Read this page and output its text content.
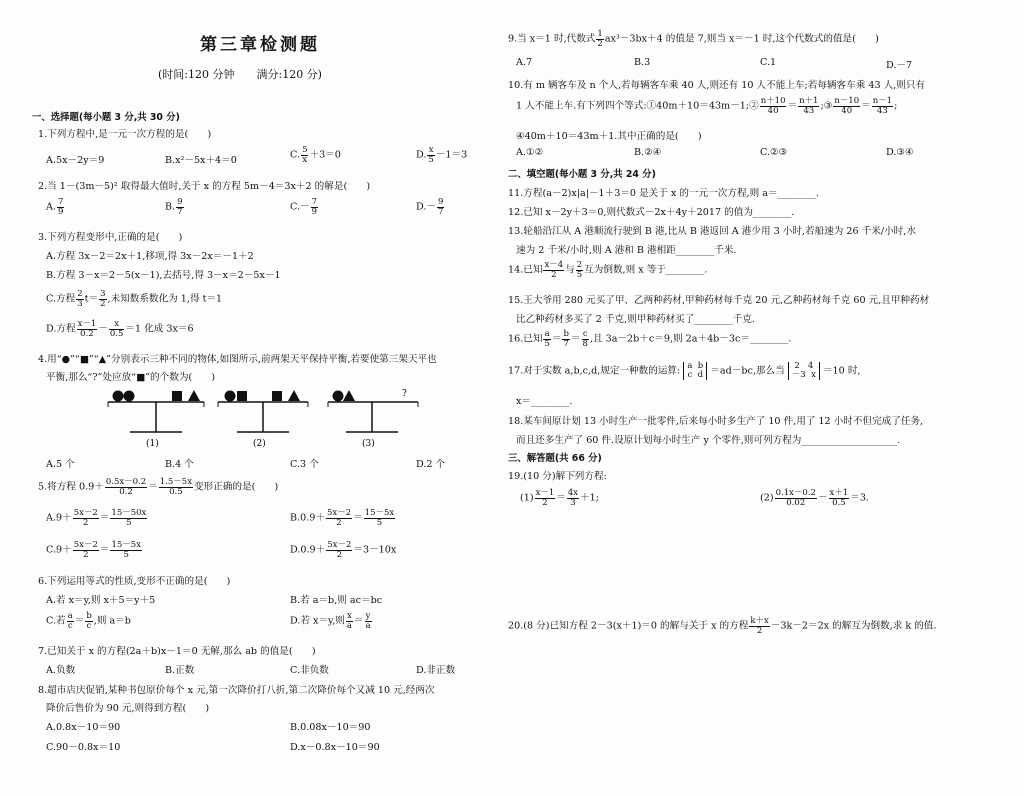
第三章检测题
(时间:120 分钟　　满分:120 分)
一、选择题(每小题 3 分,共 30 分)
1.下列方程中,是一元一次方程的是(　　)
A.5x－2y＝9	B.x²－5x＋4＝0	C. $\frac{5}{x} +3=0$	D. $\frac{x}{5} -1=3$
2.当 1－(3m－5)² 取得最大值时,关于 x 的方程 5m－4＝3x＋2 的解是(　　)
A. $\frac{7}{9}$	B. $\frac{9}{7}$	$C.- \frac{7}{9}$	$D.- \frac{9}{7}$
3.下列方程变形中,正确的是(　　)
A.方程 3x－2＝2x＋1,移项,得 3x－2x＝－1＋2
B.方程 3－x＝2－5(x－1),去括号,得 3－x＝2－5x－1
C.方程 $\frac{2}{3} t= \frac{3}{2}$ ,未知数系数化为 1,得 t＝1
D.方程 $\frac{x-1}{0.2} - \frac{x}{0.5} =1$ 化成 3x＝6
4.用“●”“■”“▲”分别表示三种不同的物体,如图所示,前两架天平保持平衡,若要使第三架天平也
平衡,那么“?”处应放“■”的个数为(　　)
?
(1)	(2)	(3)
A.5 个	B.4 个	C.3 个	D.2 个
5.将方程 $0.9+ \frac{0.5x-0.2}{0.2} = \frac{1.5-5x}{0.5}$ 变形正确的是(　　)
$A.9+ \frac{5x-2}{2} = \frac{15-50x}{5}$	$B.0.9+ \frac{5x-2}{2} = \frac{15-5x}{5}$
$C.9+ \frac{5x-2}{2} = \frac{15-5x}{5}$	$D.0.9+ \frac{5x-2}{2} =3-10x$
6.下列运用等式的性质,变形不正确的是(　　)
A.若 x＝y,则 x＋5＝y＋5	B.若 a＝b,则 ac＝bc
C.若 $\frac{a}{c} = \frac{b}{c}$ ,则 a＝b	D.若 x＝y,则 $\frac{x}{a} = \frac{y}{a}$
7.已知关于 x 的方程(2a＋b)x－1＝0 无解,那么 ab 的值是(　　)
A.负数	B.正数	C.非负数	D.非正数
8.超市店庆促销,某种书包原价每个 x 元,第一次降价打八折,第二次降价每个又减 10 元,经两次
降价后售价为 90 元,则得到方程(　　)
A.0.8x－10＝90	B.0.08x－10＝90
C.90－0.8x＝10	D.x－0.8x－10＝90
9.当 x＝1 时,代数式 $\frac{1}{2} ax^3-3bx+4$ 的值是 7,则当 x＝－1 时,这个代数式的值是(　　)
A.7	B.3	C.1	D.－7
10.有 m 辆客车及 n 个人,若每辆客车乘 40 人,则还有 10 人不能上车;若每辆客车乘 43 人,则只有
1 人不能上车.有下列四个等式:①40m＋10＝43m－1;② $\frac{n+10}{40} = \frac{n+1}{43}$ ;③ $\frac{n-10}{40} = \frac{n-1}{43}$ ;
④40m＋10＝43m＋1.其中正确的是(　　)
A.①②	B.②④	C.②③	D.③④
二、填空题(每小题 3 分,共 24 分)
11.方程(a－2)x|a|－1＋3＝0 是关于 x 的一元一次方程,则 a＝________.
12.已知 x－2y＋3＝0,则代数式－2x＋4y＋2017 的值为________.
13.轮船沿江从 A 港顺流行驶到 B 港,比从 B 港返回 A 港少用 3 小时,若船速为 26 千米/小时,水
速为 2 千米/小时,则 A 港和 B 港相距________千米.
14.已知 $\frac{x-4}{2}$ 与 $\frac{2}{5}$ 互为倒数,则 x 等于________.
15.王大爷用 280 元买了甲、乙两种药材,甲种药材每千克 20 元,乙种药材每千克 60 元,且甲种药材
比乙种药材多买了 2 千克,则甲种药材买了________千克.
16.已知 $\frac{a}{5} = \frac{b}{7} = \frac{c}{8}$ ,且 3a－2b＋c＝9,则 2a＋4b－3c＝________.
17.对于实数 a,b,c,d,规定一种数的运算: a b
c d ＝ad－bc,那么当 2 4
－3 x ＝10 时,
x＝________.
18.某车间原计划 13 小时生产一批零件,后来每小时多生产了 10 件,用了 12 小时不但完成了任务,
而且还多生产了 60 件.设原计划每小时生产 y 个零件,则可列方程为____________________.
三、解答题(共 66 分)
19.(10 分)解下列方程:
$(1) \frac{x-1}{2} = \frac{4x}{3} +1$;	$(2) \frac{0.1x-0.2}{0.02} - \frac{x+1}{0.5} =3$.
20.(8 分)已知方程 2－3(x＋1)＝0 的解与关于 x 的方程 $\frac{k+x}{2} -3k-2=2x$ 的解互为倒数,求 k 的值.
